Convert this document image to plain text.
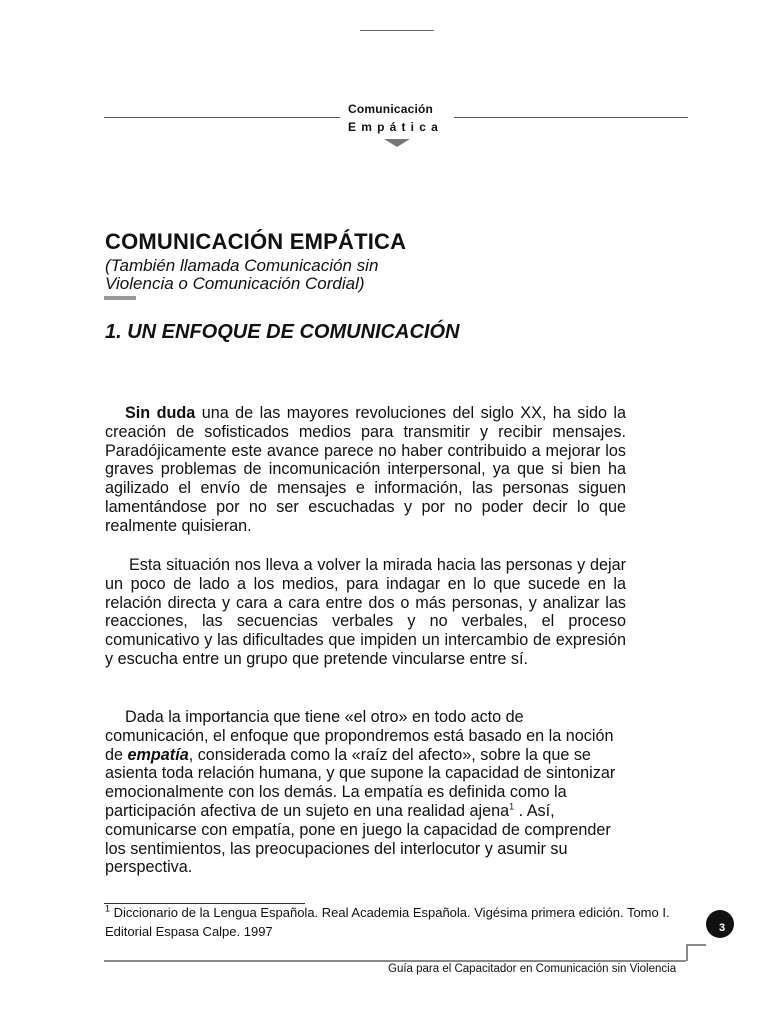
Comunicación
Empática
COMUNICACIÓN EMPÁTICA
(También llamada Comunicación sin Violencia o Comunicación Cordial)
1. UN ENFOQUE DE COMUNICACIÓN

Sin duda una de las mayores revoluciones del siglo XX, ha sido la creación de sofisticados medios para transmitir y recibir mensajes. Paradójicamente este avance parece no haber contribuido a mejorar los graves problemas de incomunicación interpersonal, ya que si bien ha agilizado el envío de mensajes e información, las personas siguen lamentándose por no ser escuchadas y por no poder decir lo que realmente quisieran.

Esta situación nos lleva a volver la mirada hacia las personas y dejar un poco de lado a los medios, para indagar en lo que sucede en la relación directa y cara a cara entre dos o más personas, y analizar las reacciones, las secuencias verbales y no verbales, el proceso comunicativo y las dificultades que impiden un intercambio de expresión y escucha entre un grupo que pretende vincularse entre sí.

Dada la importancia que tiene «el otro» en todo acto de comunicación, el enfoque que propondremos está basado en la noción de empatía, considerada como la «raíz del afecto», sobre la que se asienta toda relación humana, y que supone la capacidad de sintonizar emocionalmente con los demás. La empatía es definida como la participación afectiva de un sujeto en una realidad ajena$^1$ . Así, comunicarse con empatía, pone en juego la capacidad de comprender los sentimientos, las preocupaciones del interlocutor y asumir su perspectiva.

$^1$ Diccionario de la Lengua Española. Real Academia Española. Vigésima primera edición. Tomo I. Editorial Espasa Calpe. 1997	3
Guía para el Capacitador en Comunicación sin Violencia
